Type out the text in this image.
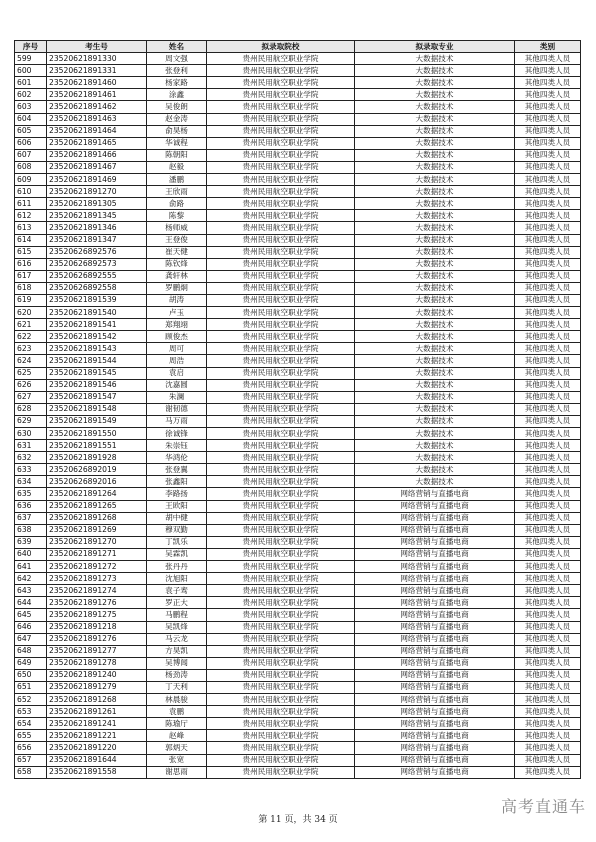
序号	考生号	姓名	拟录取院校	拟录取专业	类别
599	23520621891330	周文强	贵州民用航空职业学院	大数据技术	其他四类人员
600	23520621891331	张登利	贵州民用航空职业学院	大数据技术	其他四类人员
601	23520621891460	杨家路	贵州民用航空职业学院	大数据技术	其他四类人员
602	23520621891461	涂鑫	贵州民用航空职业学院	大数据技术	其他四类人员
603	23520621891462	吴俊朗	贵州民用航空职业学院	大数据技术	其他四类人员
604	23520621891463	赵金涛	贵州民用航空职业学院	大数据技术	其他四类人员
605	23520621891464	俞昊杨	贵州民用航空职业学院	大数据技术	其他四类人员
606	23520621891465	华诚程	贵州民用航空职业学院	大数据技术	其他四类人员
607	23520621891466	陈朝阳	贵州民用航空职业学院	大数据技术	其他四类人员
608	23520621891467	赵毅	贵州民用航空职业学院	大数据技术	其他四类人员
609	23520621891469	潘鹏	贵州民用航空职业学院	大数据技术	其他四类人员
610	23520621891270	王欣雨	贵州民用航空职业学院	大数据技术	其他四类人员
611	23520621891305	俞路	贵州民用航空职业学院	大数据技术	其他四类人员
612	23520621891345	陈黎	贵州民用航空职业学院	大数据技术	其他四类人员
613	23520621891346	杨师威	贵州民用航空职业学院	大数据技术	其他四类人员
614	23520621891347	王登俊	贵州民用航空职业学院	大数据技术	其他四类人员
615	23520626892576	崔天健	贵州民用航空职业学院	大数据技术	其他四类人员
616	23520626892573	陈钦烽	贵州民用航空职业学院	大数据技术	其他四类人员
617	23520626892555	龚轩林	贵州民用航空职业学院	大数据技术	其他四类人员
618	23520626892558	罗鹏炯	贵州民用航空职业学院	大数据技术	其他四类人员
619	23520621891539	胡涛	贵州民用航空职业学院	大数据技术	其他四类人员
620	23520621891540	卢玉	贵州民用航空职业学院	大数据技术	其他四类人员
621	23520621891541	郑翔翊	贵州民用航空职业学院	大数据技术	其他四类人员
622	23520621891542	顾俊杰	贵州民用航空职业学院	大数据技术	其他四类人员
623	23520621891543	周可	贵州民用航空职业学院	大数据技术	其他四类人员
624	23520621891544	周浩	贵州民用航空职业学院	大数据技术	其他四类人员
625	23520621891545	袁启	贵州民用航空职业学院	大数据技术	其他四类人员
626	23520621891546	沈嘉圆	贵州民用航空职业学院	大数据技术	其他四类人员
627	23520621891547	朱澜	贵州民用航空职业学院	大数据技术	其他四类人员
628	23520621891548	谢韧德	贵州民用航空职业学院	大数据技术	其他四类人员
629	23520621891549	马万雨	贵州民用航空职业学院	大数据技术	其他四类人员
630	23520621891550	徐诚锋	贵州民用航空职业学院	大数据技术	其他四类人员
631	23520621891551	朱崇钰	贵州民用航空职业学院	大数据技术	其他四类人员
632	23520621891928	华鸿伦	贵州民用航空职业学院	大数据技术	其他四类人员
633	23520626892019	张登翼	贵州民用航空职业学院	大数据技术	其他四类人员
634	23520626892016	张鑫阳	贵州民用航空职业学院	大数据技术	其他四类人员
635	23520621891264	李路扬	贵州民用航空职业学院	网络营销与直播电商	其他四类人员
636	23520621891265	王欧阳	贵州民用航空职业学院	网络营销与直播电商	其他四类人员
637	23520621891268	胡中健	贵州民用航空职业学院	网络营销与直播电商	其他四类人员
638	23520621891269	穆双勤	贵州民用航空职业学院	网络营销与直播电商	其他四类人员
639	23520621891270	丁凯乐	贵州民用航空职业学院	网络营销与直播电商	其他四类人员
640	23520621891271	吴霖凯	贵州民用航空职业学院	网络营销与直播电商	其他四类人员
641	23520621891272	张丹丹	贵州民用航空职业学院	网络营销与直播电商	其他四类人员
642	23520621891273	沈旭阳	贵州民用航空职业学院	网络营销与直播电商	其他四类人员
643	23520621891274	袁子鸾	贵州民用航空职业学院	网络营销与直播电商	其他四类人员
644	23520621891276	罗正大	贵州民用航空职业学院	网络营销与直播电商	其他四类人员
645	23520621891275	马鹏程	贵州民用航空职业学院	网络营销与直播电商	其他四类人员
646	23520621891218	吴凯烽	贵州民用航空职业学院	网络营销与直播电商	其他四类人员
647	23520621891276	马云龙	贵州民用航空职业学院	网络营销与直播电商	其他四类人员
648	23520621891277	方昊凯	贵州民用航空职业学院	网络营销与直播电商	其他四类人员
649	23520621891278	吴博闻	贵州民用航空职业学院	网络营销与直播电商	其他四类人员
650	23520621891240	杨劲涛	贵州民用航空职业学院	网络营销与直播电商	其他四类人员
651	23520621891279	丁天利	贵州民用航空职业学院	网络营销与直播电商	其他四类人员
652	23520621891268	林晨骏	贵州民用航空职业学院	网络营销与直播电商	其他四类人员
653	23520621891261	袁鹏	贵州民用航空职业学院	网络营销与直播电商	其他四类人员
654	23520621891241	陈瑜厅	贵州民用航空职业学院	网络营销与直播电商	其他四类人员
655	23520621891221	赵峰	贵州民用航空职业学院	网络营销与直播电商	其他四类人员
656	23520621891220	郭炳天	贵州民用航空职业学院	网络营销与直播电商	其他四类人员
657	23520621891644	张宽	贵州民用航空职业学院	网络营销与直播电商	其他四类人员
658	23520621891558	谢思雨	贵州民用航空职业学院	网络营销与直播电商	其他四类人员
第 11 页，共 34 页
高考直通车
